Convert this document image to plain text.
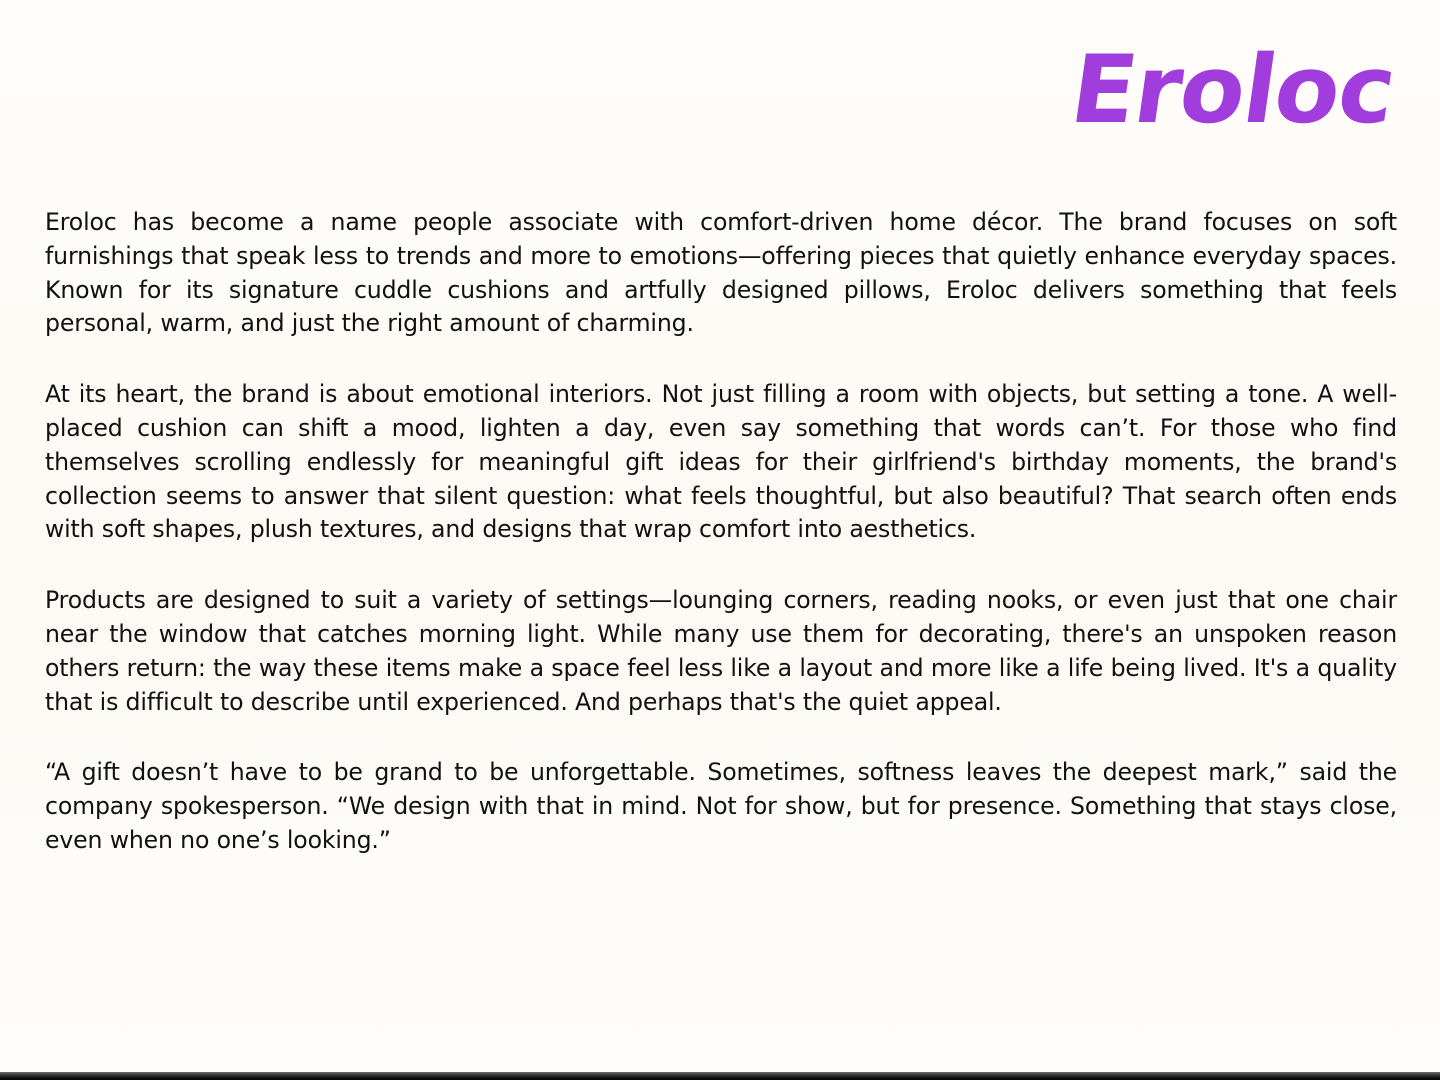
Eroloc

Eroloc has become a name people associate with comfort-driven home décor. The brand focuses on soft furnishings that speak less to trends and more to emotions—offering pieces that quietly enhance everyday spaces. Known for its signature cuddle cushions and artfully designed pillows, Eroloc delivers something that feels personal, warm, and just the right amount of charming.

At its heart, the brand is about emotional interiors. Not just filling a room with objects, but setting a tone. A well-placed cushion can shift a mood, lighten a day, even say something that words can’t. For those who find themselves scrolling endlessly for meaningful gift ideas for their girlfriend's birthday moments, the brand's collection seems to answer that silent question: what feels thoughtful, but also beautiful? That search often ends with soft shapes, plush textures, and designs that wrap comfort into aesthetics.

Products are designed to suit a variety of settings—lounging corners, reading nooks, or even just that one chair near the window that catches morning light. While many use them for decorating, there's an unspoken reason others return: the way these items make a space feel less like a layout and more like a life being lived. It's a quality that is difficult to describe until experienced. And perhaps that's the quiet appeal.

“A gift doesn’t have to be grand to be unforgettable. Sometimes, softness leaves the deepest mark,” said the company spokesperson. “We design with that in mind. Not for show, but for presence. Something that stays close, even when no one’s looking.”
